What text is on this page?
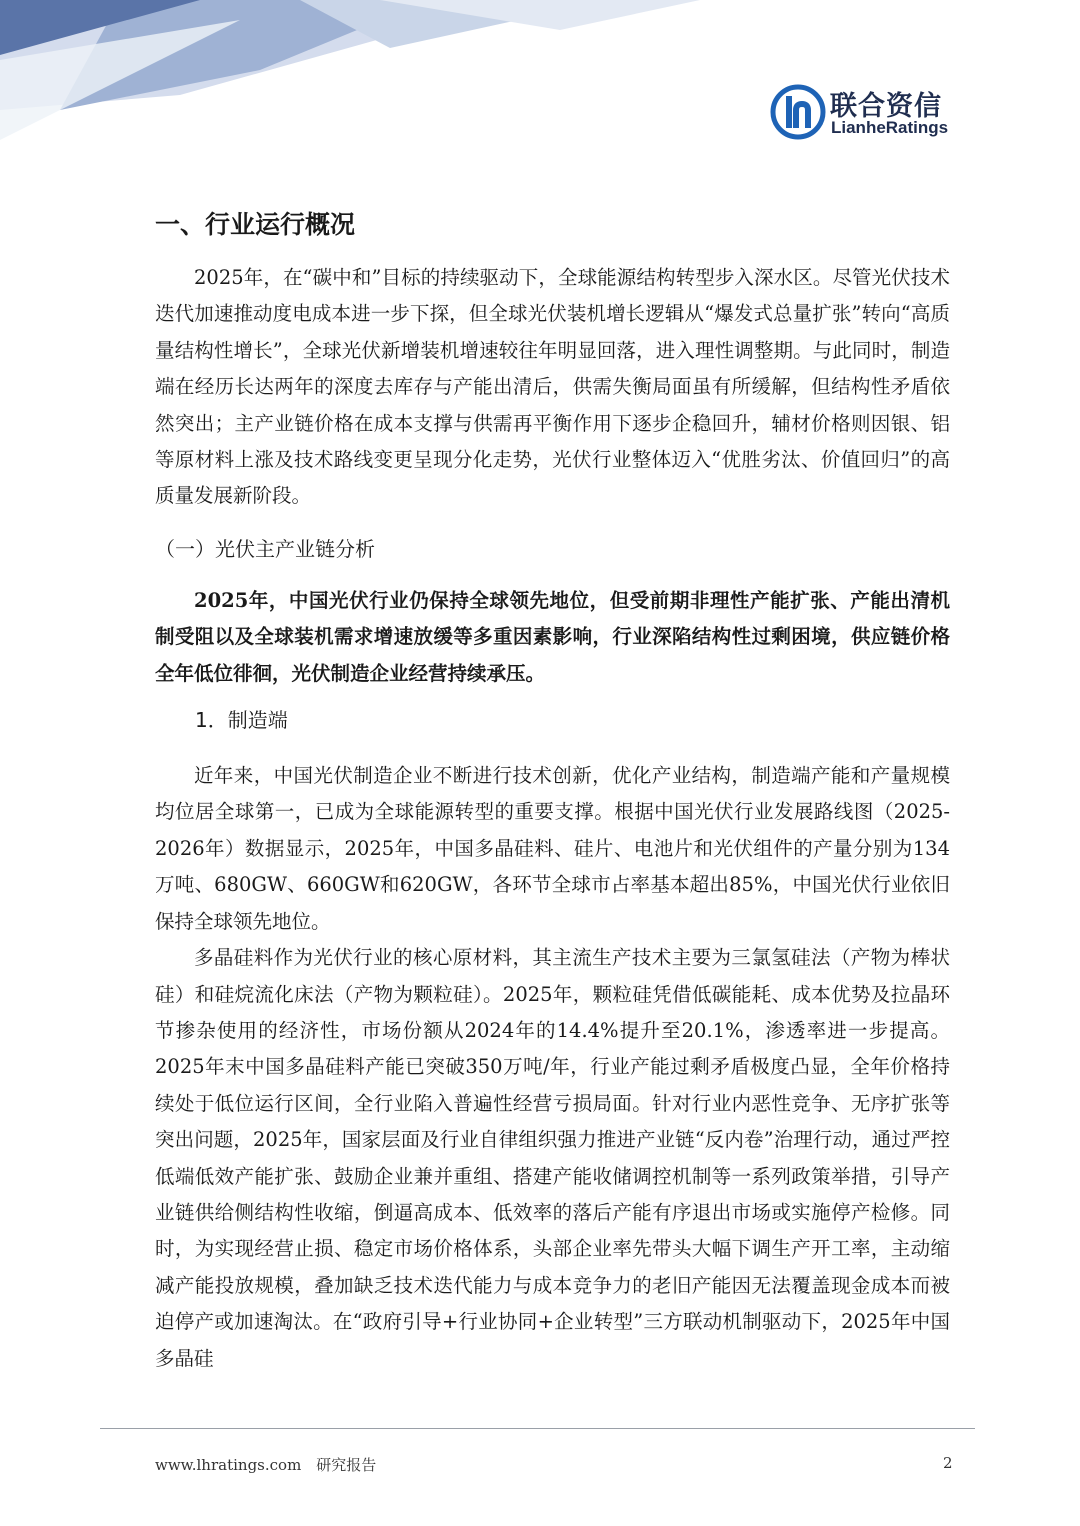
联合资信
LianheRatings
一、行业运行概况

2025年，在“碳中和”目标的持续驱动下，全球能源结构转型步入深水区。尽管光伏技术迭代加速推动度电成本进一步下探，但全球光伏装机增长逻辑从“爆发式总量扩张”转向“高质量结构性增长”，全球光伏新增装机增速较往年明显回落，进入理性调整期。与此同时，制造端在经历长达两年的深度去库存与产能出清后，供需失衡局面虽有所缓解，但结构性矛盾依然突出；主产业链价格在成本支撑与供需再平衡作用下逐步企稳回升，辅材价格则因银、铝等原材料上涨及技术路线变更呈现分化走势，光伏行业整体迈入“优胜劣汰、价值回归”的高质量发展新阶段。

（一）光伏主产业链分析

2025年，中国光伏行业仍保持全球领先地位，但受前期非理性产能扩张、产能出清机制受阻以及全球装机需求增速放缓等多重因素影响，行业深陷结构性过剩困境，供应链价格全年低位徘徊，光伏制造企业经营持续承压。

1．制造端

近年来，中国光伏制造企业不断进行技术创新，优化产业结构，制造端产能和产量规模均位居全球第一，已成为全球能源转型的重要支撑。根据中国光伏行业发展路线图（2025-2026年）数据显示，2025年，中国多晶硅料、硅片、电池片和光伏组件的产量分别为134万吨、680GW、660GW和620GW，各环节全球市占率基本超出85%，中国光伏行业依旧保持全球领先地位。

多晶硅料作为光伏行业的核心原材料，其主流生产技术主要为三氯氢硅法（产物为棒状硅）和硅烷流化床法（产物为颗粒硅）。2025年，颗粒硅凭借低碳能耗、成本优势及拉晶环节掺杂使用的经济性，市场份额从2024年的14.4%提升至20.1%，渗透率进一步提高。2025年末中国多晶硅料产能已突破350万吨/年，行业产能过剩矛盾极度凸显，全年价格持续处于低位运行区间，全行业陷入普遍性经营亏损局面。针对行业内恶性竞争、无序扩张等突出问题，2025年，国家层面及行业自律组织强力推进产业链“反内卷”治理行动，通过严控低端低效产能扩张、鼓励企业兼并重组、搭建产能收储调控机制等一系列政策举措，引导产业链供给侧结构性收缩，倒逼高成本、低效率的落后产能有序退出市场或实施停产检修。同时，为实现经营止损、稳定市场价格体系，头部企业率先带头大幅下调生产开工率，主动缩减产能投放规模，叠加缺乏技术迭代能力与成本竞争力的老旧产能因无法覆盖现金成本而被迫停产或加速淘汰。在“政府引导+行业协同+企业转型”三方联动机制驱动下，2025年中国多晶硅

www.lhratings.com　研究报告	2
